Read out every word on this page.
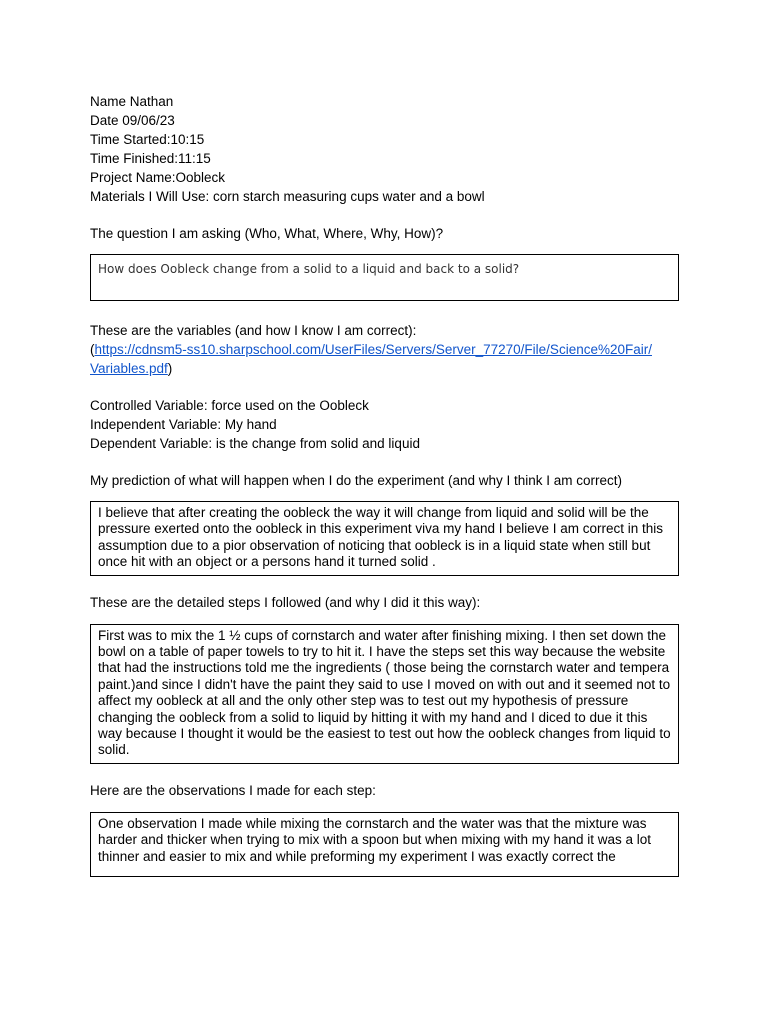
Name Nathan
Date 09/06/23
Time Started:10:15
Time Finished:11:15
Project Name:Oobleck
Materials I Will Use: corn starch measuring cups water and a bowl
The question I am asking (Who, What, Where, Why, How)?
How does Oobleck change from a solid to a liquid and back to a solid?
These are the variables (and how I know I am correct):
(https://cdnsm5-ss10.sharpschool.com/UserFiles/Servers/Server_77270/File/Science%20Fair/
Variables.pdf)
Controlled Variable: force used on the Oobleck
Independent Variable: My hand
Dependent Variable: is the change from solid and liquid
My prediction of what will happen when I do the experiment (and why I think I am correct)
I believe that after creating the oobleck the way it will change from liquid and solid will be the pressure exerted onto the oobleck in this experiment viva my hand I believe I am correct in this assumption due to a pior observation of noticing that oobleck is in a liquid state when still but once hit with an object or a persons hand it turned solid .
These are the detailed steps I followed (and why I did it this way):
First was to mix the 1 ½ cups of cornstarch and water after finishing mixing. I then set down the bowl on a table of paper towels to try to hit it. I have the steps set this way because the website that had the instructions told me the ingredients ( those being the cornstarch water and tempera paint.)and since I didn't have the paint they said to use I moved on with out and it seemed not to affect my oobleck at all and the only other step was to test out my hypothesis of pressure changing the oobleck from a solid to liquid by hitting it with my hand and I diced to due it this way because I thought it would be the easiest to test out how the oobleck changes from liquid to solid.
Here are the observations I made for each step:
One observation I made while mixing the cornstarch and the water was that the mixture was harder and thicker when trying to mix with a spoon but when mixing with my hand it was a lot thinner and easier to mix and while preforming my experiment I was exactly correct the
